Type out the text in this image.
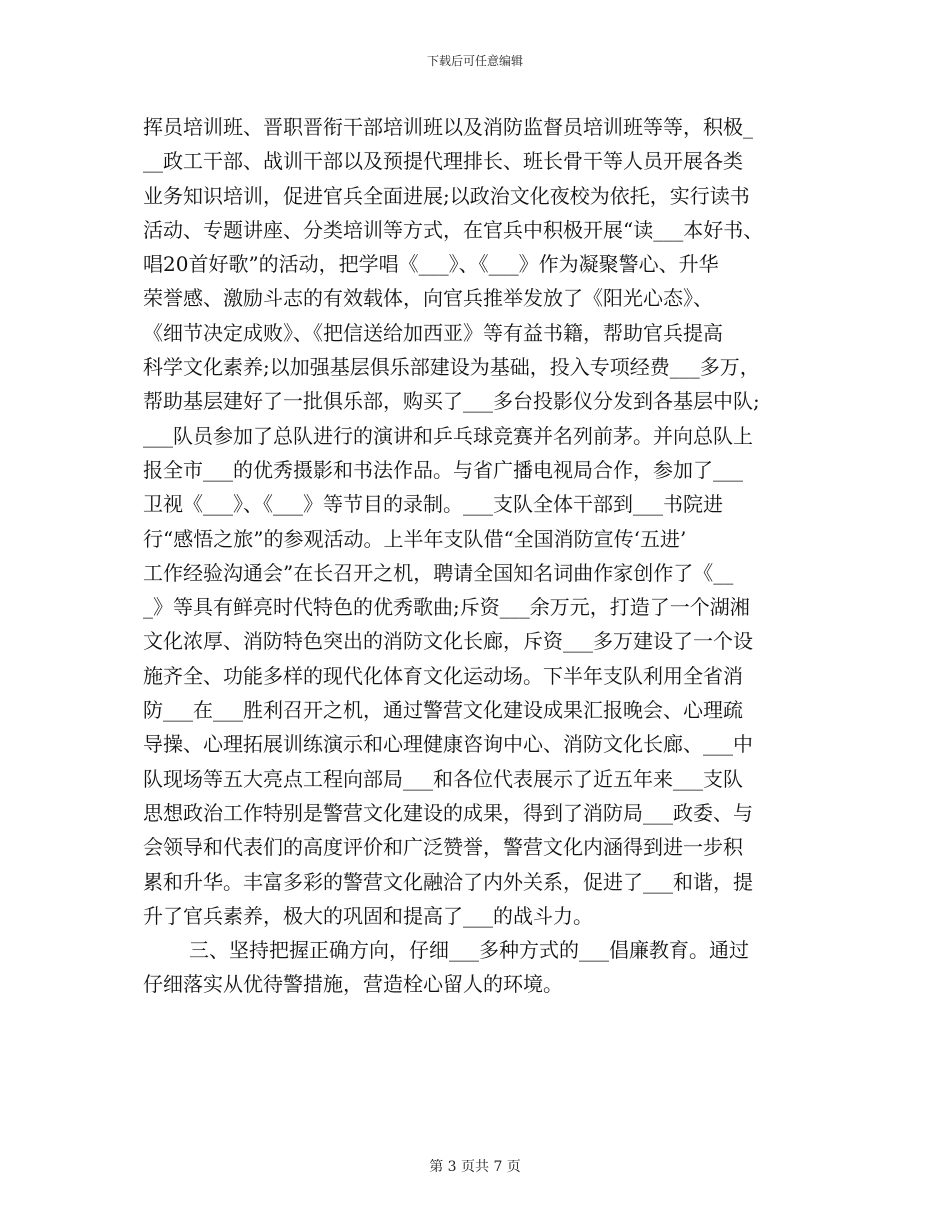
下载后可任意编辑
挥员培训班、晋职晋衔干部培训班以及消防监督员培训班等等，积极_
__政工干部、战训干部以及预提代理排长、班长骨干等人员开展各类
业务知识培训，促进官兵全面进展;以政治文化夜校为依托，实行读书
活动、专题讲座、分类培训等方式，在官兵中积极开展“读___本好书、
唱20首好歌”的活动，把学唱《___》、《___》作为凝聚警心、升华
荣誉感、激励斗志的有效载体，向官兵推举发放了《阳光心态》、
《细节决定成败》、《把信送给加西亚》等有益书籍，帮助官兵提高
科学文化素养;以加强基层俱乐部建设为基础，投入专项经费___多万，
帮助基层建好了一批俱乐部，购买了___多台投影仪分发到各基层中队;
___队员参加了总队进行的演讲和乒乓球竞赛并名列前茅。并向总队上
报全市___的优秀摄影和书法作品。与省广播电视局合作，参加了___
卫视《___》、《___》等节目的录制。___支队全体干部到___书院进
行“感悟之旅”的参观活动。上半年支队借“全国消防宣传‘五进’
工作经验沟通会”在长召开之机，聘请全国知名词曲作家创作了《__
_》等具有鲜亮时代特色的优秀歌曲;斥资___余万元，打造了一个湖湘
文化浓厚、消防特色突出的消防文化长廊，斥资___多万建设了一个设
施齐全、功能多样的现代化体育文化运动场。下半年支队利用全省消
防___在___胜利召开之机，通过警营文化建设成果汇报晚会、心理疏
导操、心理拓展训练演示和心理健康咨询中心、消防文化长廊、___中
队现场等五大亮点工程向部局___和各位代表展示了近五年来___支队
思想政治工作特别是警营文化建设的成果，得到了消防局___政委、与
会领导和代表们的高度评价和广泛赞誉，警营文化内涵得到进一步积
累和升华。丰富多彩的警营文化融洽了内外关系，促进了___和谐，提
升了官兵素养，极大的巩固和提高了___的战斗力。
三、坚持把握正确方向，仔细___多种方式的___倡廉教育。通过
仔细落实从优待警措施，营造栓心留人的环境。
第 3 页共 7 页
